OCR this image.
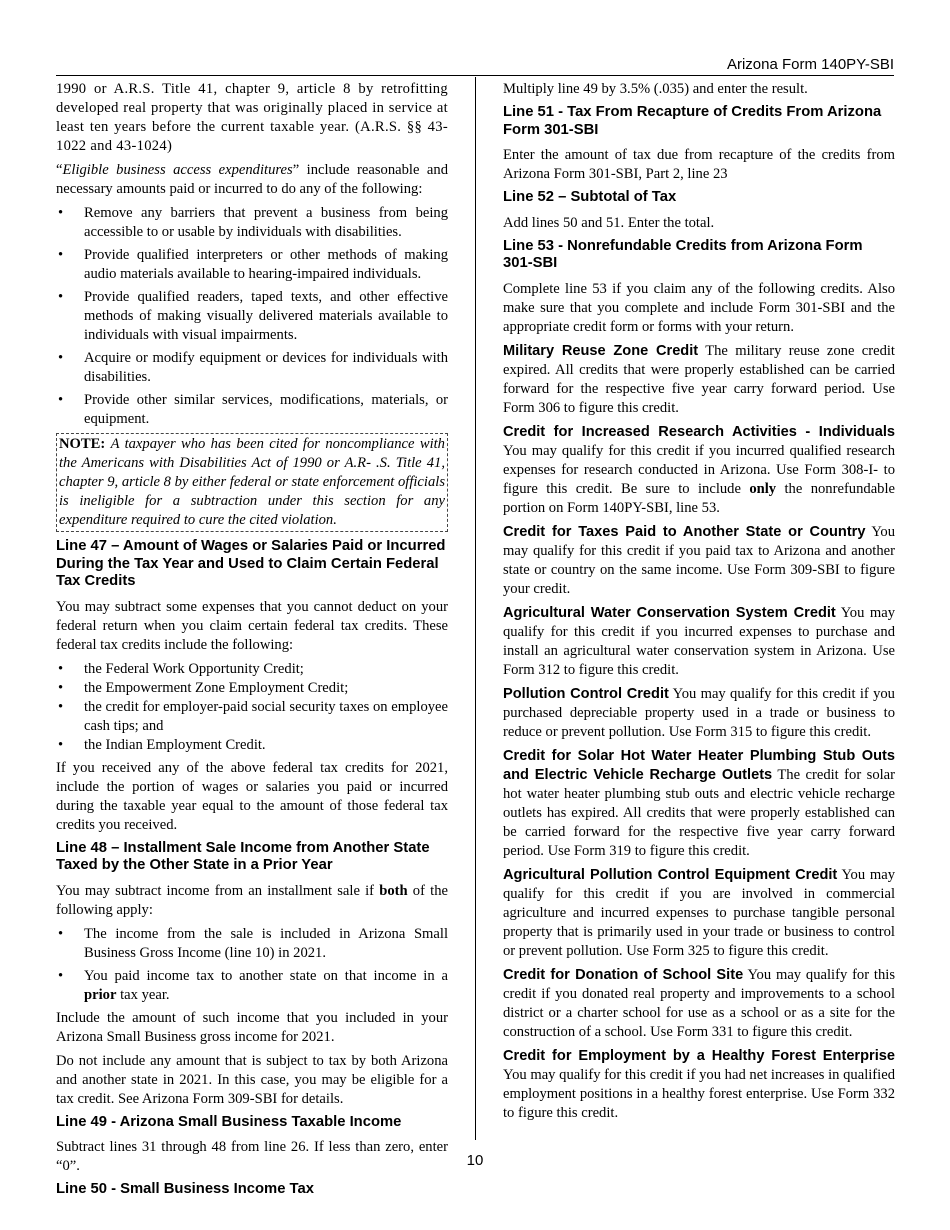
Arizona Form 140PY-SBI

1990 or A.R.S. Title 41, chapter 9, article 8 by retrofitting developed real property that was originally placed in service at least ten years before the current taxable year. (A.R.S. §§ 43-1022 and 43-1024)

“Eligible business access expenditures” include reasonable and necessary amounts paid or incurred to do any of the following:

• Remove any barriers that prevent a business from being accessible to or usable by individuals with disabilities.
• Provide qualified interpreters or other methods of making audio materials available to hearing-impaired individuals.
• Provide qualified readers, taped texts, and other effective methods of making visually delivered materials available to individuals with visual impairments.
• Acquire or modify equipment or devices for individuals with disabilities.
• Provide other similar services, modifications, materials, or equipment.
NOTE: A taxpayer who has been cited for noncompliance with the Americans with Disabilities Act of 1990 or A.R- .S. Title 41, chapter 9, article 8 by either federal or state enforcement officials is ineligible for a subtraction under this section for any expenditure required to cure the cited violation.
Line 47 – Amount of Wages or Salaries Paid or Incurred During the Tax Year and Used to Claim Certain Federal Tax Credits

You may subtract some expenses that you cannot deduct on your federal return when you claim certain federal tax credits. These federal tax credits include the following:

• the Federal Work Opportunity Credit;
• the Empowerment Zone Employment Credit;
• the credit for employer-paid social security taxes on employee cash tips; and
• the Indian Employment Credit.

If you received any of the above federal tax credits for 2021, include the portion of wages or salaries you paid or incurred during the taxable year equal to the amount of those federal tax credits you received.

Line 48 – Installment Sale Income from Another State Taxed by the Other State in a Prior Year

You may subtract income from an installment sale if both of the following apply:

• The income from the sale is included in Arizona Small Business Gross Income (line 10) in 2021.
• You paid income tax to another state on that income in a prior tax year.

Include the amount of such income that you included in your Arizona Small Business gross income for 2021.

Do not include any amount that is subject to tax by both Arizona and another state in 2021. In this case, you may be eligible for a tax credit. See Arizona Form 309-SBI for details.

Line 49 - Arizona Small Business Taxable Income

Subtract lines 31 through 48 from line 26. If less than zero, enter “0”.

Line 50 - Small Business Income Tax

Multiply line 49 by 3.5% (.035) and enter the result.

Line 51 - Tax From Recapture of Credits From Arizona Form 301-SBI

Enter the amount of tax due from recapture of the credits from Arizona Form 301-SBI, Part 2, line 23

Line 52 – Subtotal of Tax

Add lines 50 and 51. Enter the total.

Line 53 - Nonrefundable Credits from Arizona Form 301-SBI

Complete line 53 if you claim any of the following credits. Also make sure that you complete and include Form 301-SBI and the appropriate credit form or forms with your return.

Military Reuse Zone Credit The military reuse zone credit expired. All credits that were properly established can be carried forward for the respective five year carry forward period. Use Form 306 to figure this credit.

Credit for Increased Research Activities - Individuals You may qualify for this credit if you incurred qualified research expenses for research conducted in Arizona. Use Form 308-I- to figure this credit. Be sure to include only the nonrefundable portion on Form 140PY-SBI, line 53.

Credit for Taxes Paid to Another State or Country You may qualify for this credit if you paid tax to Arizona and another state or country on the same income. Use Form 309-SBI to figure your credit.

Agricultural Water Conservation System Credit You may qualify for this credit if you incurred expenses to purchase and install an agricultural water conservation system in Arizona. Use Form 312 to figure this credit.

Pollution Control Credit You may qualify for this credit if you purchased depreciable property used in a trade or business to reduce or prevent pollution. Use Form 315 to figure this credit.

Credit for Solar Hot Water Heater Plumbing Stub Outs and Electric Vehicle Recharge Outlets The credit for solar hot water heater plumbing stub outs and electric vehicle recharge outlets has expired. All credits that were properly established can be carried forward for the respective five year carry forward period. Use Form 319 to figure this credit.

Agricultural Pollution Control Equipment Credit You may qualify for this credit if you are involved in commercial agriculture and incurred expenses to purchase tangible personal property that is primarily used in your trade or business to control or prevent pollution. Use Form 325 to figure this credit.

Credit for Donation of School Site You may qualify for this credit if you donated real property and improvements to a school district or a charter school for use as a school or as a site for the construction of a school. Use Form 331 to figure this credit.

Credit for Employment by a Healthy Forest Enterprise You may qualify for this credit if you had net increases in qualified employment positions in a healthy forest enterprise. Use Form 332 to figure this credit.

10
